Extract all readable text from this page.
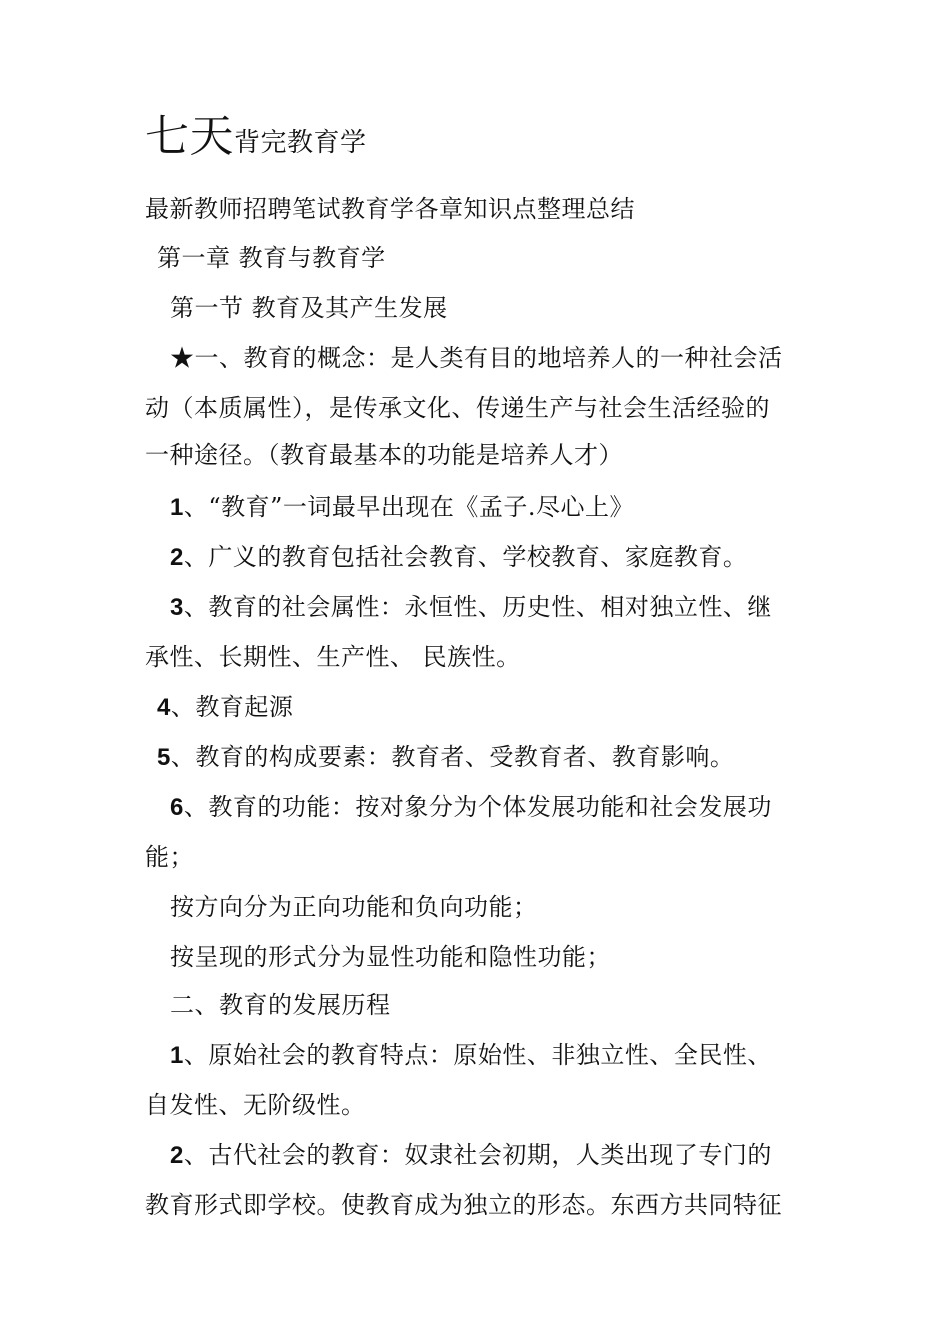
七天背完教育学
最新教师招聘笔试教育学各章知识点整理总结
第一章 教育与教育学
第一节 教育及其产生发展
★一、教育的概念：是人类有目的地培养人的一种社会活
动（本质属性），是传承文化、传递生产与社会生活经验的
一种途径。（教育最基本的功能是培养人才）
1、“教育”一词最早出现在《孟子.尽心上》
2、广义的教育包括社会教育、学校教育、家庭教育。
3、教育的社会属性：永恒性、历史性、相对独立性、继
承性、长期性、生产性、 民族性。
4、教育起源
5、教育的构成要素：教育者、受教育者、教育影响。
6、教育的功能：按对象分为个体发展功能和社会发展功
能；
按方向分为正向功能和负向功能；
按呈现的形式分为显性功能和隐性功能；
二、教育的发展历程
1、原始社会的教育特点：原始性、非独立性、全民性、
自发性、无阶级性。
2、古代社会的教育：奴隶社会初期，人类出现了专门的
教育形式即学校。使教育成为独立的形态。东西方共同特征
